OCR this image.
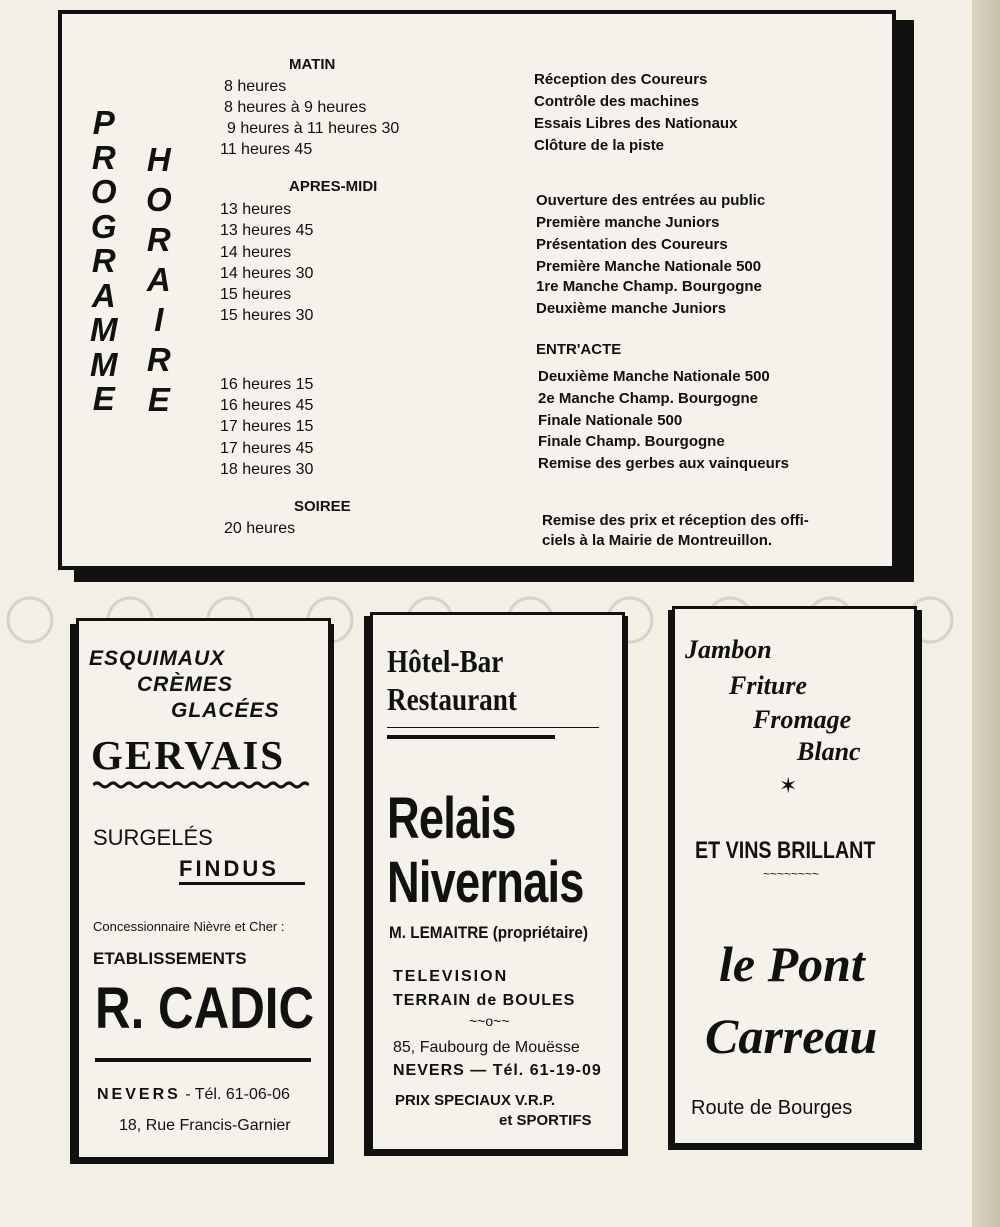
P
R
O
G
R
A
M
M
E
H
O
R
A
I
R
E
MATIN
8 heures
8 heures à 9 heures
9 heures à 11 heures 30
11 heures 45
Réception des Coureurs
Contrôle des machines
Essais Libres des Nationaux
Clôture de la piste
APRES-MIDI
13 heures
13 heures 45
14 heures
14 heures 30
15 heures
15 heures 30
Ouverture des entrées au public
Première manche Juniors
Présentation des Coureurs
Première Manche Nationale 500
1re Manche Champ. Bourgogne
Deuxième manche Juniors
ENTR'ACTE
16 heures 15
16 heures 45
17 heures 15
17 heures 45
18 heures 30
Deuxième Manche Nationale 500
2e Manche Champ. Bourgogne
Finale Nationale 500
Finale Champ. Bourgogne
Remise des gerbes aux vainqueurs
SOIREE
20 heures	Remise des prix et réception des offi-
ciels à la Mairie de Montreuillon.
ESQUIMAUX
CRÈMES
GLACÉES
GERVAIS
SURGELÉS
FINDUS
Concessionnaire Nièvre et Cher :
ETABLISSEMENTS
R. CADIC
NEVERS - Tél. 61-06-06
18, Rue Francis-Garnier
Hôtel-Bar
Restaurant
Relais
Nivernais
M. LEMAITRE (propriétaire)
TELEVISION
TERRAIN de BOULES
~~o~~
85, Faubourg de Mouësse
NEVERS — Tél. 61-19-09
PRIX SPECIAUX V.R.P.
et SPORTIFS
Jambon
Friture
Fromage
Blanc
✶
ET VINS BRILLANT
~~~~~~~~
le Pont
Carreau
Route de Bourges
